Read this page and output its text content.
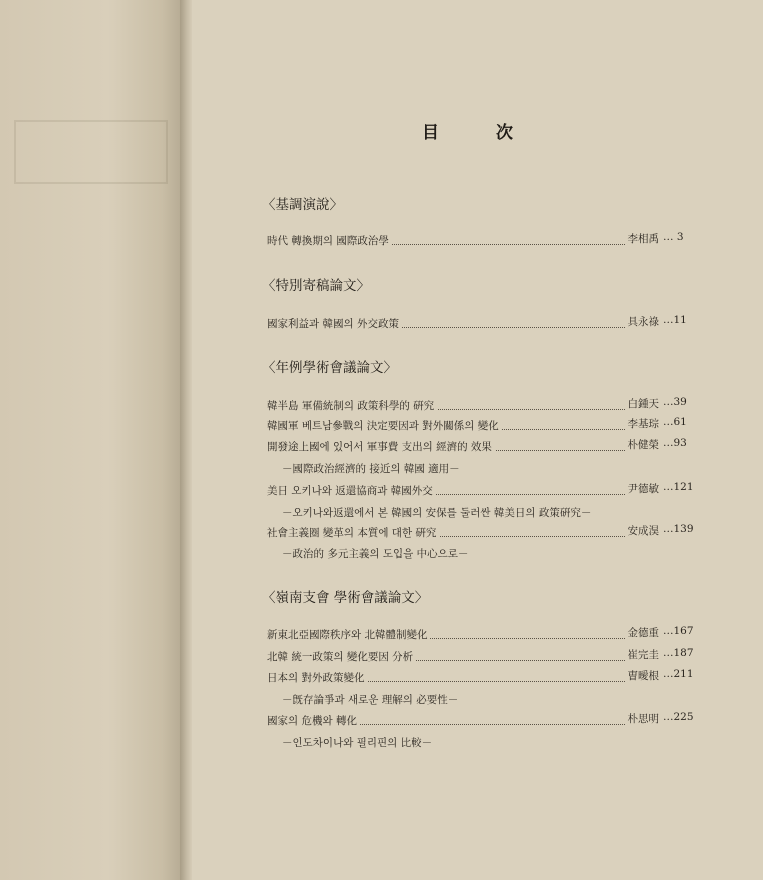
目　次
〈基調演說〉
時代 轉換期의 國際政治學	李相禹 … 3
〈特別寄稿論文〉
國家利益과 韓國의 外交政策	具永祿 …11
〈年例學術會議論文〉
韓半島 軍備統制의 政策科學的 硏究	白鍾天 …39
韓國軍 베트남參戰의 決定要因과 對外關係의 變化	李基琮 …61
開發途上國에 있어서 軍事費 支出의 經濟的 效果	朴健榮 …93
－國際政治經濟的 接近의 韓國 適用－
美日 오키나와 返還協商과 韓國外交	尹德敏 …121
－오키나와返還에서 본 韓國의 安保를 둘러싼 韓美日의 政策硏究－
社會主義圈 變革의 本質에 대한 硏究	安成淏 …139
－政治的 多元主義의 도입을 中心으로－
〈嶺南支會 學術會議論文〉
新東北亞國際秩序와 北韓體制變化	金德重 …167
北韓 統一政策의 變化要因 分析	崔完圭 …187
日本의 對外政策變化	曺曖根 …211
－旣存論爭과 새로운 理解의 必要性－
國家의 危機와 轉化	朴思明 …225
－인도차이나와 필리핀의 比較－
